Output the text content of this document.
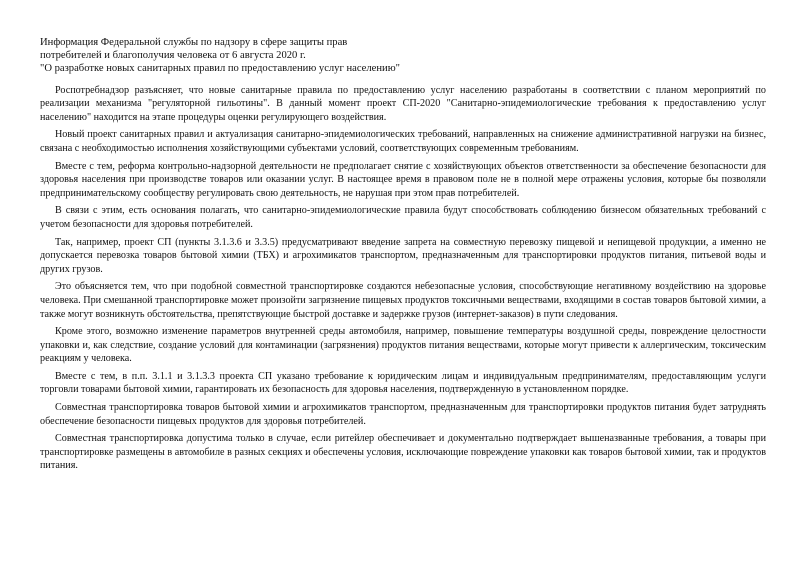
Информация Федеральной службы по надзору в сфере защиты прав
потребителей и благополучия человека от 6 августа 2020 г.
"О разработке новых санитарных правил по предоставлению услуг населению"

Роспотребнадзор разъясняет, что новые санитарные правила по предоставлению услуг населению разработаны в соответствии с планом мероприятий по реализации механизма "регуляторной гильотины". В данный момент проект СП-2020 "Санитарно-эпидемиологические требования к предоставлению услуг населению" находится на этапе процедуры оценки регулирующего воздействия.

Новый проект санитарных правил и актуализация санитарно-эпидемиологических требований, направленных на снижение административной нагрузки на бизнес, связана с необходимостью исполнения хозяйствующими субъектами условий, соответствующих современным требованиям.

Вместе с тем, реформа контрольно-надзорной деятельности не предполагает снятие с хозяйствующих объектов ответственности за обеспечение безопасности для здоровья населения при производстве товаров или оказании услуг. В настоящее время в правовом поле не в полной мере отражены условия, которые бы позволяли предпринимательскому сообществу регулировать свою деятельность, не нарушая при этом прав потребителей.

В связи с этим, есть основания полагать, что санитарно-эпидемиологические правила будут способствовать соблюдению бизнесом обязательных требований с учетом безопасности для здоровья потребителей.

Так, например, проект СП (пункты 3.1.3.6 и 3.3.5) предусматривают введение запрета на совместную перевозку пищевой и непищевой продукции, а именно не допускается перевозка товаров бытовой химии (ТБХ) и агрохимикатов транспортом, предназначенным для транспортировки продуктов питания, питьевой воды и других грузов.

Это объясняется тем, что при подобной совместной транспортировке создаются небезопасные условия, способствующие негативному воздействию на здоровье человека. При смешанной транспортировке может произойти загрязнение пищевых продуктов токсичными веществами, входящими в состав товаров бытовой химии, а также могут возникнуть обстоятельства, препятствующие быстрой доставке и задержке грузов (интернет-заказов) в пути следования.

Кроме этого, возможно изменение параметров внутренней среды автомобиля, например, повышение температуры воздушной среды, повреждение целостности упаковки и, как следствие, создание условий для контаминации (загрязнения) продуктов питания веществами, которые могут привести к аллергическим, токсическим реакциям у человека.

Вместе с тем, в п.п. 3.1.1 и 3.1.3.3 проекта СП указано требование к юридическим лицам и индивидуальным предпринимателям, предоставляющим услуги торговли товарами бытовой химии, гарантировать их безопасность для здоровья населения, подтвержденную в установленном порядке.

Совместная транспортировка товаров бытовой химии и агрохимикатов транспортом, предназначенным для транспортировки продуктов питания будет затруднять обеспечение безопасности пищевых продуктов для здоровья потребителей.

Совместная транспортировка допустима только в случае, если ритейлер обеспечивает и документально подтверждает вышеназванные требования, а товары при транспортировке размещены в автомобиле в разных секциях и обеспечены условия, исключающие повреждение упаковки как товаров бытовой химии, так и продуктов питания.
